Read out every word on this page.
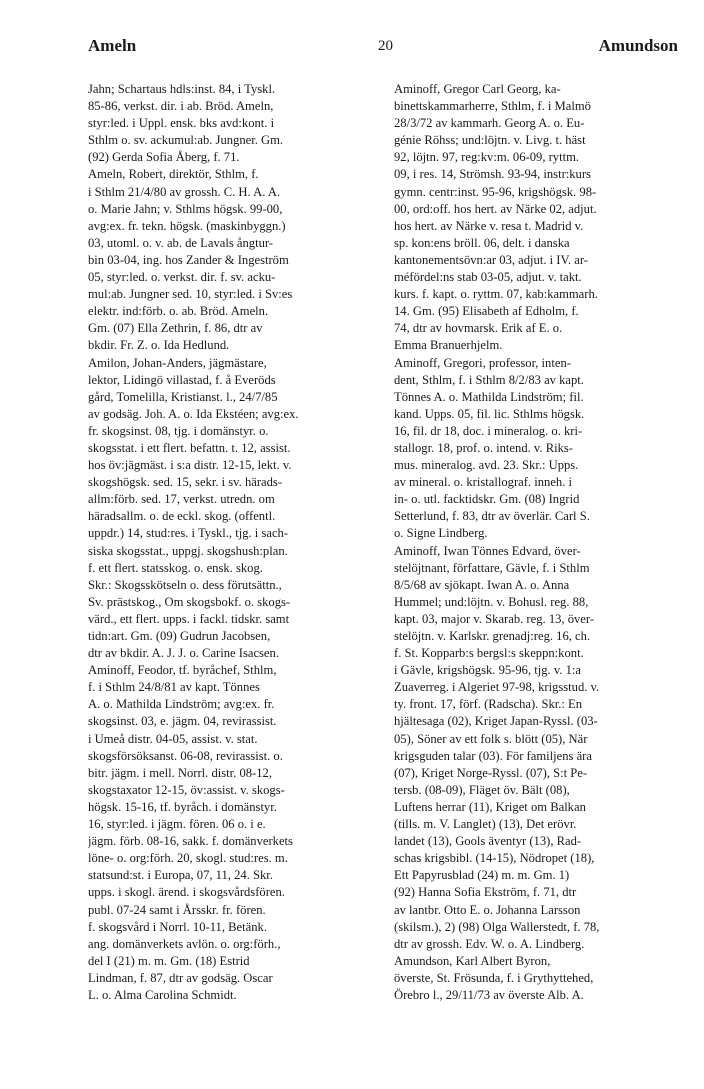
Ameln	20	Amundson
Jahn; Schartaus hdls:inst. 84, i Tyskl.
85-86, verkst. dir. i ab. Bröd. Ameln,
styr:led. i Uppl. ensk. bks avd:kont. i
Sthlm o. sv. ackumul:ab. Jungner. Gm.
(92) Gerda Sofia Åberg, f. 71.
Ameln, Robert, direktör, Sthlm, f.
i Sthlm 21/4/80 av grossh. C. H. A. A.
o. Marie Jahn; v. Sthlms högsk. 99-00,
avg:ex. fr. tekn. högsk. (maskinbyggn.)
03, utoml. o. v. ab. de Lavals ångtur-
bin 03-04, ing. hos Zander & Ingeström
05, styr:led. o. verkst. dir. f. sv. acku-
mul:ab. Jungner sed. 10, styr:led. i Sv:es
elektr. ind:förb. o. ab. Bröd. Ameln.
Gm. (07) Ella Zethrin, f. 86, dtr av
bkdir. Fr. Z. o. Ida Hedlund.
Amilon, Johan-Anders, jägmästare,
lektor, Lidingö villastad, f. å Everöds
gård, Tomelilla, Kristianst. l., 24/7/85
av godsäg. Joh. A. o. Ida Ekstéen; avg:ex.
fr. skogsinst. 08, tjg. i domänstyr. o.
skogsstat. i ett flert. befattn. t. 12, assist.
hos öv:jägmäst. i s:a distr. 12-15, lekt. v.
skogshögsk. sed. 15, sekr. i sv. härads-
allm:förb. sed. 17, verkst. utredn. om
häradsallm. o. de eckl. skog. (offentl.
uppdr.) 14, stud:res. i Tyskl., tjg. i sach-
siska skogsstat., uppgj. skogshush:plan.
f. ett flert. statsskog. o. ensk. skog.
Skr.: Skogsskötseln o. dess förutsättn.,
Sv. prästskog., Om skogsbokf. o. skogs-
värd., ett flert. upps. i fackl. tidskr. samt
tidn:art. Gm. (09) Gudrun Jacobsen,
dtr av bkdir. A. J. J. o. Carine Isacsen.
Aminoff, Feodor, tf. byråchef, Sthlm,
f. i Sthlm 24/8/81 av kapt. Tönnes
A. o. Mathilda Lindström; avg:ex. fr.
skogsinst. 03, e. jägm. 04, revirassist.
i Umeå distr. 04-05, assist. v. stat.
skogsförsöksanst. 06-08, revirassist. o.
bitr. jägm. i mell. Norrl. distr. 08-12,
skogstaxator 12-15, öv:assist. v. skogs-
högsk. 15-16, tf. byråch. i domänstyr.
16, styr:led. i jägm. fören. 06 o. i e.
jägm. förb. 08-16, sakk. f. domänverkets
löne- o. org:förh. 20, skogl. stud:res. m.
statsund:st. i Europa, 07, 11, 24. Skr.
upps. i skogl. ärend. i skogsvårdsfören.
publ. 07-24 samt i Årsskr. fr. fören.
f. skogsvård i Norrl. 10-11, Betänk.
ang. domänverkets avlön. o. org:förh.,
del I (21) m. m. Gm. (18) Estrid
Lindman, f. 87, dtr av godsäg. Oscar
L. o. Alma Carolina Schmidt.
Aminoff, Gregor Carl Georg, ka-
binettskammarherre, Sthlm, f. i Malmö
28/3/72 av kammarh. Georg A. o. Eu-
génie Röhss; und:löjtn. v. Livg. t. häst
92, löjtn. 97, reg:kv:m. 06-09, ryttm.
09, i res. 14, Strömsh. 93-94, instr:kurs
gymn. centr:inst. 95-96, krigshögsk. 98-
00, ord:off. hos hert. av Närke 02, adjut.
hos hert. av Närke v. resa t. Madrid v.
sp. kon:ens bröll. 06, delt. i danska
kantonementsövn:ar 03, adjut. i IV. ar-
méfördel:ns stab 03-05, adjut. v. takt.
kurs. f. kapt. o. ryttm. 07, kab:kammarh.
14. Gm. (95) Elisabeth af Edholm, f.
74, dtr av hovmarsk. Erik af E. o.
Emma Branuerhjelm.
Aminoff, Gregori, professor, inten-
dent, Sthlm, f. i Sthlm 8/2/83 av kapt.
Tönnes A. o. Mathilda Lindström; fil.
kand. Upps. 05, fil. lic. Sthlms högsk.
16, fil. dr 18, doc. i mineralog. o. kri-
stallogr. 18, prof. o. intend. v. Riks-
mus. mineralog. avd. 23. Skr.: Upps.
av mineral. o. kristallograf. inneh. i
in- o. utl. facktidskr. Gm. (08) Ingrid
Setterlund, f. 83, dtr av överlär. Carl S.
o. Signe Lindberg.
Aminoff, Iwan Tönnes Edvard, över-
stelöjtnant, författare, Gävle, f. i Sthlm
8/5/68 av sjökapt. Iwan A. o. Anna
Hummel; und:löjtn. v. Bohusl. reg. 88,
kapt. 03, major v. Skarab. reg. 13, över-
stelöjtn. v. Karlskr. grenadj:reg. 16, ch.
f. St. Kopparb:s bergsl:s skeppn:kont.
i Gävle, krigshögsk. 95-96, tjg. v. 1:a
Zuaverreg. i Algeriet 97-98, krigsstud. v.
ty. front. 17, förf. (Radscha). Skr.: En
hjältesaga (02), Kriget Japan-Ryssl. (03-
05), Söner av ett folk s. blött (05), När
krigsguden talar (03). För familjens ära
(07), Kriget Norge-Ryssl. (07), S:t Pe-
tersb. (08-09), Fläget öv. Bält (08),
Luftens herrar (11), Kriget om Balkan
(tills. m. V. Langlet) (13), Det erövr.
landet (13), Gools äventyr (13), Rad-
schas krigsbibl. (14-15), Nödropet (18),
Ett Papyrusblad (24) m. m. Gm. 1)
(92) Hanna Sofia Ekström, f. 71, dtr
av lantbr. Otto E. o. Johanna Larsson
(skilsm.), 2) (98) Olga Wallerstedt, f. 78,
dtr av grossh. Edv. W. o. A. Lindberg.
Amundson, Karl Albert Byron,
överste, St. Frösunda, f. i Grythyttehed,
Örebro l., 29/11/73 av överste Alb. A.
